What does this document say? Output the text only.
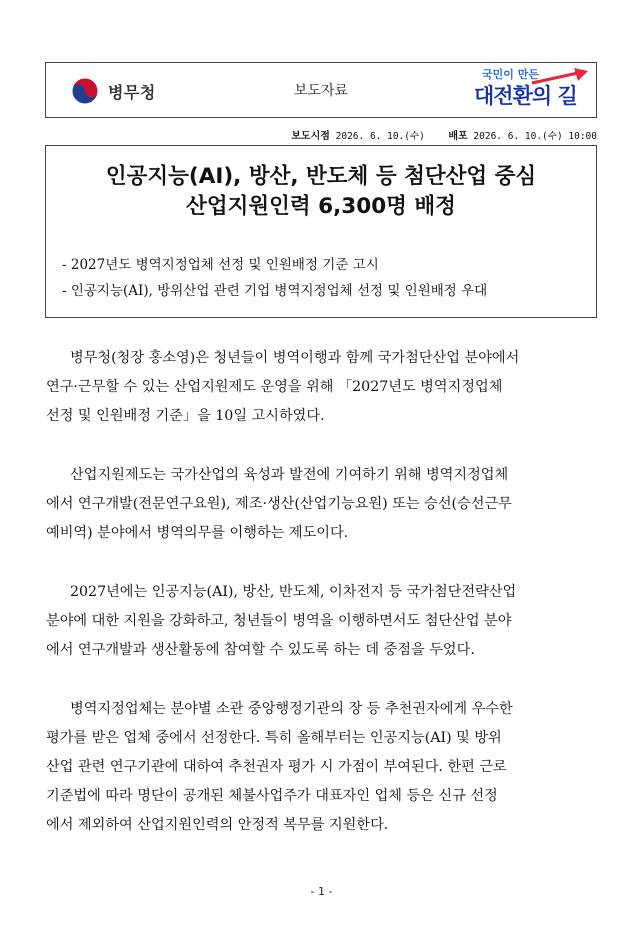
병무청	보도자료
국민이 만든
대전환의 길
보도시점 2026. 6. 10.(수) 배포 2026. 6. 10.(수) 10:00
인공지능(AI), 방산, 반도체 등 첨단산업 중심
산업지원인력 6,300명 배정
- 2027년도 병역지정업체 선정 및 인원배정 기준 고시
- 인공지능(AI), 방위산업 관련 기업 병역지정업체 선정 및 인원배정 우대

병무청(청장 홍소영)은 청년들이 병역이행과 함께 국가첨단산업 분야에서
연구·근무할 수 있는 산업지원제도 운영을 위해 「2027년도 병역지정업체
선정 및 인원배정 기준」을 10일 고시하였다.

산업지원제도는 국가산업의 육성과 발전에 기여하기 위해 병역지정업체
에서 연구개발(전문연구요원), 제조·생산(산업기능요원) 또는 승선(승선근무
예비역) 분야에서 병역의무를 이행하는 제도이다.

2027년에는 인공지능(AI), 방산, 반도체, 이차전지 등 국가첨단전략산업
분야에 대한 지원을 강화하고, 청년들이 병역을 이행하면서도 첨단산업 분야
에서 연구개발과 생산활동에 참여할 수 있도록 하는 데 중점을 두었다.

병역지정업체는 분야별 소관 중앙행정기관의 장 등 추천권자에게 우수한
평가를 받은 업체 중에서 선정한다. 특히 올해부터는 인공지능(AI) 및 방위
산업 관련 연구기관에 대하여 추천권자 평가 시 가점이 부여된다. 한편 근로
기준법에 따라 명단이 공개된 체불사업주가 대표자인 업체 등은 신규 선정
에서 제외하여 산업지원인력의 안정적 복무를 지원한다.

- 1 -
